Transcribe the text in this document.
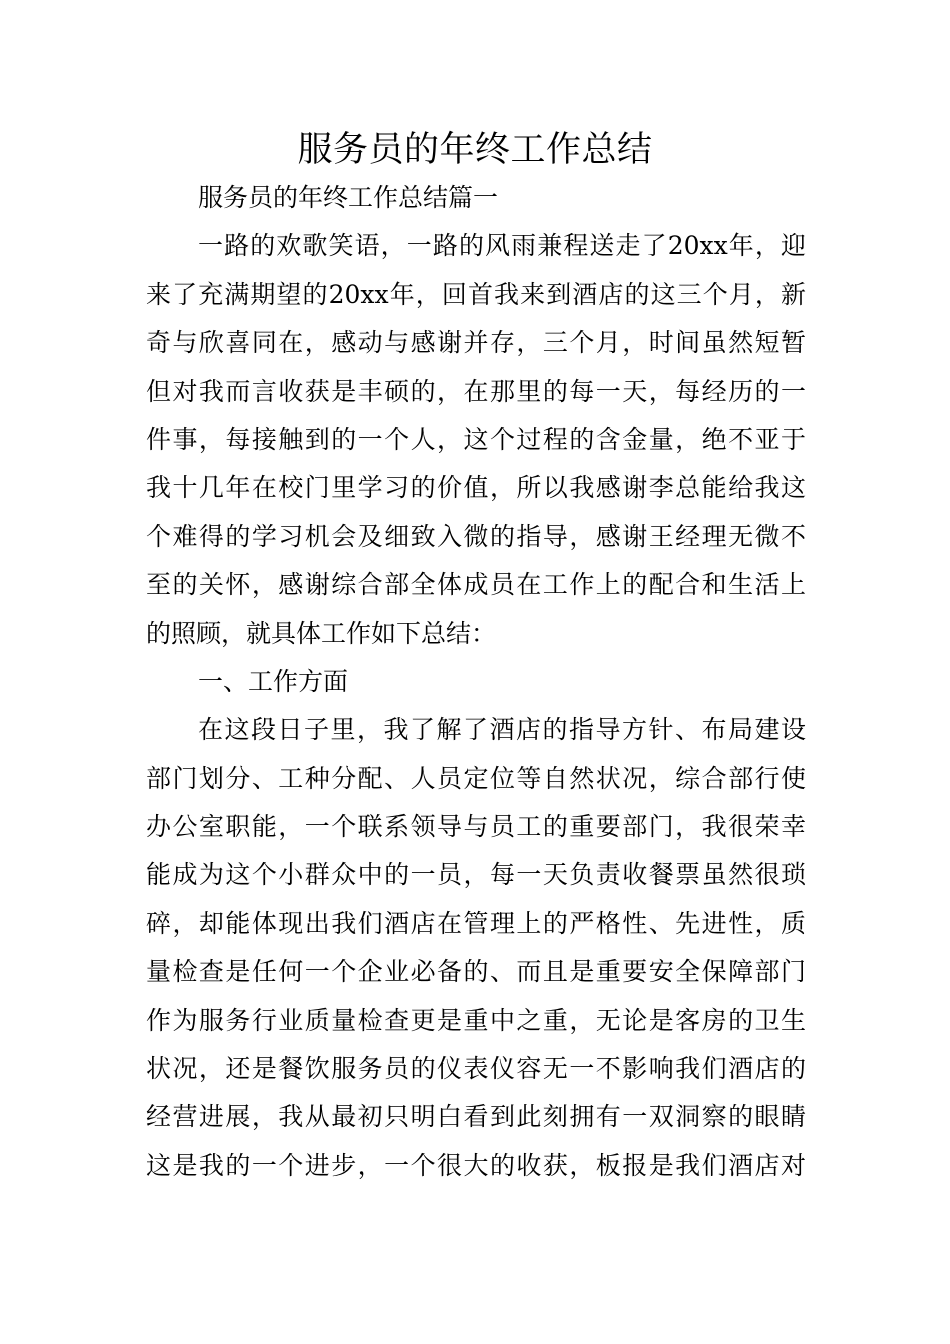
服务员的年终工作总结
服务员的年终工作总结篇一
一路的欢歌笑语，一路的风雨兼程送走了20xx年，迎
来了充满期望的20xx年，回首我来到酒店的这三个月，新
奇与欣喜同在，感动与感谢并存，三个月，时间虽然短暂
但对我而言收获是丰硕的，在那里的每一天，每经历的一
件事，每接触到的一个人，这个过程的含金量，绝不亚于
我十几年在校门里学习的价值，所以我感谢李总能给我这
个难得的学习机会及细致入微的指导，感谢王经理无微不
至的关怀，感谢综合部全体成员在工作上的配合和生活上
的照顾，就具体工作如下总结：
一、工作方面
在这段日子里，我了解了酒店的指导方针、布局建设
部门划分、工种分配、人员定位等自然状况，综合部行使
办公室职能，一个联系领导与员工的重要部门，我很荣幸
能成为这个小群众中的一员，每一天负责收餐票虽然很琐
碎，却能体现出我们酒店在管理上的严格性、先进性，质
量检查是任何一个企业必备的、而且是重要安全保障部门
作为服务行业质量检查更是重中之重，无论是客房的卫生
状况，还是餐饮服务员的仪表仪容无一不影响我们酒店的
经营进展，我从最初只明白看到此刻拥有一双洞察的眼睛
这是我的一个进步，一个很大的收获，板报是我们酒店对
